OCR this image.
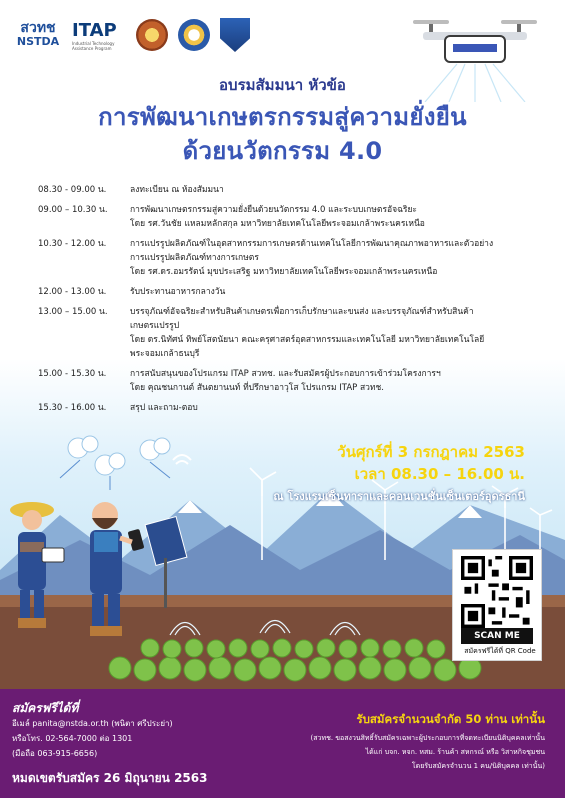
สวทช
NSTDA
ITAP
Industrial Technology Assistance Program
อบรมสัมมนา หัวข้อ
การพัฒนาเกษตรกรรมสู่ความยั่งยืน
ด้วยนวัตกรรม 4.0
08.30 - 09.00 น.	ลงทะเบียน ณ ห้องสัมมนา
09.00 – 10.30 น.	การพัฒนาเกษตรกรรมสู่ความยั่งยืนด้วยนวัตกรรม 4.0 และระบบเกษตรอัจฉริยะ
โดย รศ.วันชัย แหลมหลักสกุล มหาวิทยาลัยเทคโนโลยีพระจอมเกล้าพระนครเหนือ
10.30 - 12.00 น.	การแปรรูปผลิตภัณฑ์ในอุตสาหกรรมการเกษตรด้านเทคโนโลยีการพัฒนาคุณภาพอาหารและตัวอย่าง
การแปรรูปผลิตภัณฑ์ทางการเกษตร
โดย รศ.ดร.อมรรัตน์ มุขประเสริฐ มหาวิทยาลัยเทคโนโลยีพระจอมเกล้าพระนครเหนือ
12.00 - 13.00 น.	รับประทานอาหารกลางวัน
13.00 – 15.00 น.	บรรจุภัณฑ์อัจฉริยะสำหรับสินค้าเกษตรเพื่อการเก็บรักษาและขนส่ง และบรรจุภัณฑ์สำหรับสินค้า
เกษตรแปรรูป
โดย ดร.นิทัศน์ ทิพย์โสตนัยนา คณะครุศาสตร์อุตสาหกรรมและเทคโนโลยี มหาวิทยาลัยเทคโนโลยี
พระจอมเกล้าธนบุรี
15.00 - 15.30 น.	การสนับสนุนของโปรแกรม ITAP สวทช. และรับสมัครผู้ประกอบการเข้าร่วมโครงการฯ
โดย คุณชนกานต์ สันตยานนท์ ที่ปรึกษาอาวุโส โปรแกรม ITAP สวทช.
15.30 - 16.00 น.	สรุป และถาม-ตอบ
วันศุกร์ที่ 3 กรกฎาคม 2563
เวลา 08.30 – 16.00 น.
ณ โรงแรมเซ็นทาราและคอนเวนชั่นเซ็นเตอร์อุดรธานี
SCAN ME
สมัครฟรีได้ที่ QR Code
สมัครฟรีได้ที่
อีเมล์ panita@nstda.or.th (พนิตา ศรีประย่า)
หรือโทร. 02-564-7000 ต่อ 1301
(มือถือ 063-915-6656)
หมดเขตรับสมัคร 26 มิถุนายน 2563
รับสมัครจำนวนจำกัด 50 ท่าน เท่านั้น
(สวทช. ขอสงวนสิทธิ์รับสมัครเฉพาะผู้ประกอบการที่จดทะเบียนนิติบุคคลเท่านั้น
ได้แก่ บจก. หจก. หสม. ร้านค้า สหกรณ์ หรือ วิสาหกิจชุมชน
โดยรับสมัครจำนวน 1 คน/นิติบุคคล เท่านั้น)
